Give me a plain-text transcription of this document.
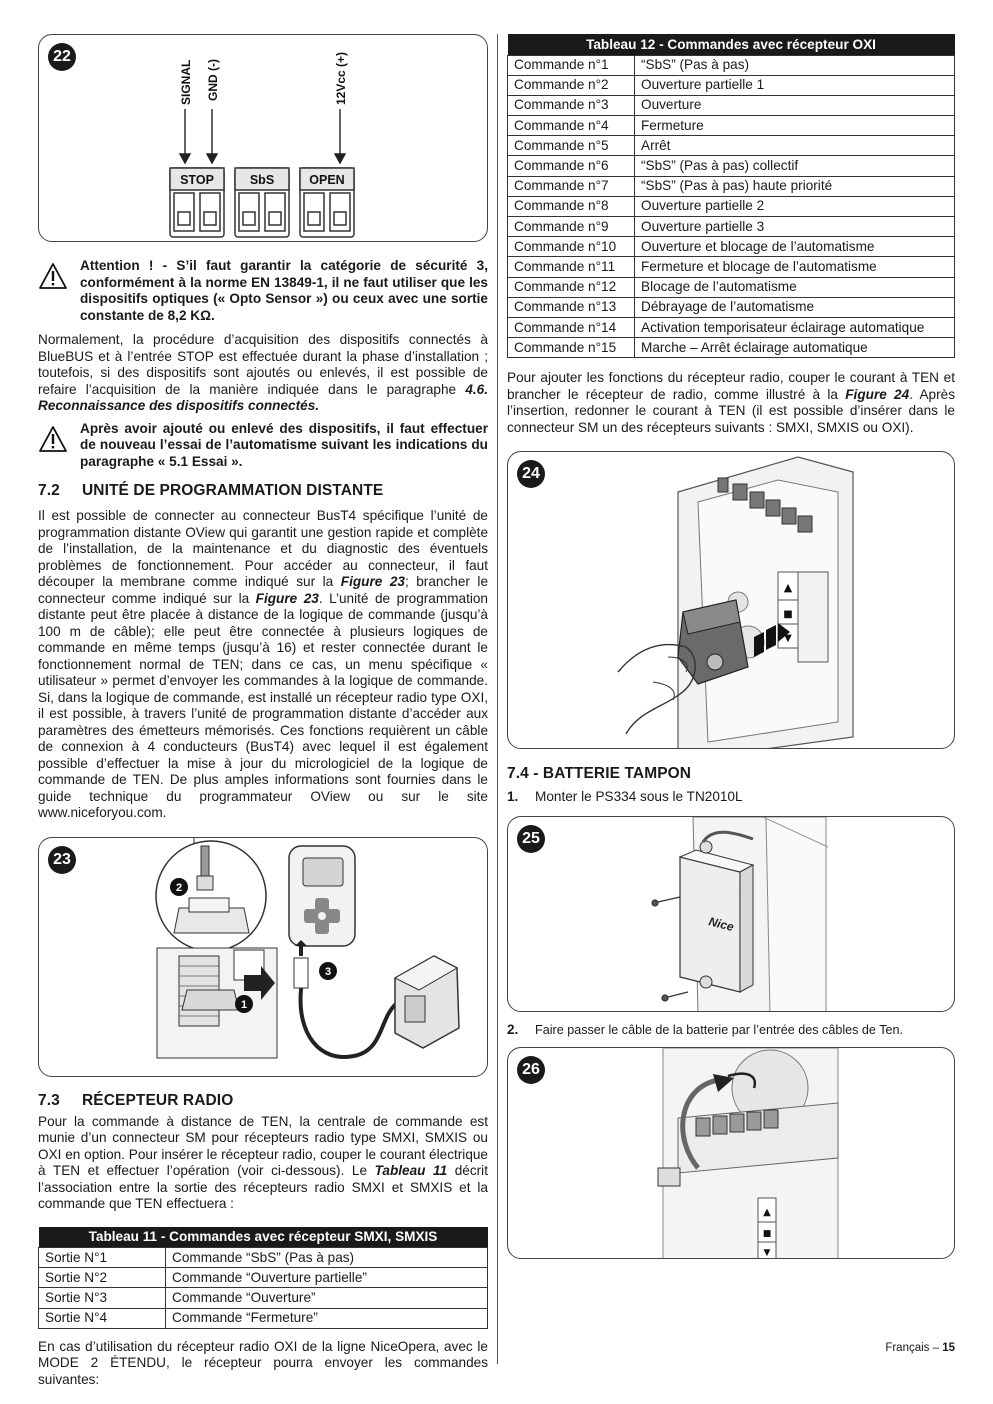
22
SIGNAL GND (-)	12Vcc (+)
STOP	SbS	OPEN
Attention ! - S’il faut garantir la catégorie de sécurité 3, conformément à la norme EN 13849-1, il ne faut utiliser que les dispositifs optiques (« Opto Sensor ») ou ceux avec une sortie constante de 8,2 KΩ.

Normalement, la procédure d’acquisition des dispositifs connectés à BlueBUS et à l’entrée STOP est effectuée durant la phase d’installation ; toutefois, si des dispositifs sont ajoutés ou enlevés, il est possible de refaire l’acquisition de la manière indiquée dans le paragraphe 4.6. Reconnaissance des dispositifs connectés.

Après avoir ajouté ou enlevé des dispositifs, il faut effectuer de nouveau l’essai de l’automatisme suivant les indications du paragraphe « 5.1 Essai ».
7.2 UNITÉ DE PROGRAMMATION DISTANTE

Il est possible de connecter au connecteur BusT4 spécifique l’unité de programmation distante OView qui garantit une gestion rapide et complète de l’installation, de la maintenance et du diagnostic des éventuels problèmes de fonctionnement. Pour accéder au connecteur, il faut découper la membrane comme indiqué sur la Figure 23; brancher le connecteur comme indiqué sur la Figure 23. L’unité de programmation distante peut être placée à distance de la logique de commande (jusqu’à 100 m de câble); elle peut être connectée à plusieurs logiques de commande en même temps (jusqu’à 16) et rester connectée durant le fonctionnement normal de TEN; dans ce cas, un menu spécifique « utilisateur » permet d’envoyer les commandes à la logique de commande. Si, dans la logique de commande, est installé un récepteur radio type OXI, il est possible, à travers l’unité de programmation distante d’accéder aux paramètres des émetteurs mémorisés. Ces fonctions requièrent un câble de connexion à 4 conducteurs (BusT4) avec lequel il est également possible d’effectuer la mise à jour du micrologiciel de la logique de commande de TEN. De plus amples informations sont fournies dans le guide technique du programmateur OView ou sur le site www.niceforyou.com.

23
2
1
3
7.3 RÉCEPTEUR RADIO

Pour la commande à distance de TEN, la centrale de commande est munie d’un connecteur SM pour récepteurs radio type SMXI, SMXIS ou OXI en option. Pour insérer le récepteur radio, couper le courant électrique à TEN et effectuer l’opération (voir ci-dessous). Le Tableau 11 décrit l’association entre la sortie des récepteurs radio SMXI et SMXIS et la commande que TEN effectuera :

Tableau 11 - Commandes avec récepteur SMXI, SMXIS	
Sortie N°1	Commande “SbS” (Pas à pas)
Sortie N°2	Commande “Ouverture partielle”
Sortie N°3	Commande “Ouverture”
Sortie N°4	Commande “Fermeture”

En cas d’utilisation du récepteur radio OXI de la ligne NiceOpera, avec le MODE 2 ÉTENDU, le récepteur pourra envoyer les commandes suivantes:

Tableau 12 - Commandes avec récepteur OXI	
Commande n°1	“SbS” (Pas à pas)
Commande n°2	Ouverture partielle 1
Commande n°3	Ouverture
Commande n°4	Fermeture
Commande n°5	Arrêt
Commande n°6	“SbS” (Pas à pas) collectif
Commande n°7	“SbS” (Pas à pas) haute priorité
Commande n°8	Ouverture partielle 2
Commande n°9	Ouverture partielle 3
Commande n°10	Ouverture et blocage de l’automatisme
Commande n°11	Fermeture et blocage de l’automatisme
Commande n°12	Blocage de l’automatisme
Commande n°13	Débrayage de l’automatisme
Commande n°14	Activation temporisateur éclairage automatique
Commande n°15	Marche – Arrêt éclairage automatique

Pour ajouter les fonctions du récepteur radio, couper le courant à TEN et brancher le récepteur de radio, comme illustré à la Figure 24. Après l’insertion, redonner le courant à TEN (il est possible d’insérer dans le connecteur SM un des récepteurs suivants : SMXI, SMXIS ou OXI).

24
▲
■
▼
7.4 - BATTERIE TAMPON

1. Monter le PS334 sous le TN2010L

25
Nice

2. Faire passer le câble de la batterie par l’entrée des câbles de Ten.

26
▲
■
▼
Français – 15
